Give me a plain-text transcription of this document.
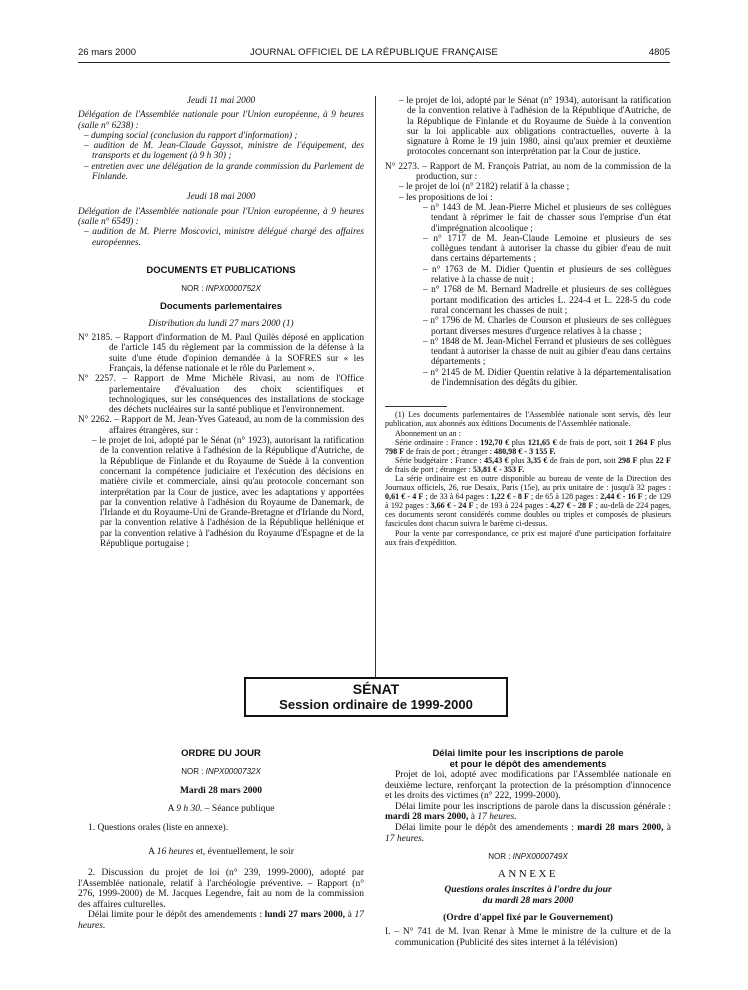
26 mars 2000	JOURNAL OFFICIEL DE LA RÉPUBLIQUE FRANÇAISE	4805
Jeudi 11 mai 2000
Délégation de l'Assemblée nationale pour l'Union européenne, à 9 heures (salle n° 6238) :
– dumping social (conclusion du rapport d'information) ;
– audition de M. Jean-Claude Gayssot, ministre de l'équipement, des transports et du logement (à 9 h 30) ;
– entretien avec une délégation de la grande commission du Parlement de Finlande.
Jeudi 18 mai 2000
Délégation de l'Assemblée nationale pour l'Union européenne, à 9 heures (salle n° 6549) :
– audition de M. Pierre Moscovici, ministre délégué chargé des affaires européennes.
DOCUMENTS ET PUBLICATIONS
NOR : INPX0000752X
Documents parlementaires
Distribution du lundi 27 mars 2000 (1)
N° 2185. – Rapport d'information de M. Paul Quilès déposé en application de l'article 145 du règlement par la commission de la défense à la suite d'une étude d'opinion demandée à la SOFRES sur « les Français, la défense nationale et le rôle du Parlement ».
N° 2257. – Rapport de Mme Michèle Rivasi, au nom de l'Office parlementaire d'évaluation des choix scientifiques et technologiques, sur les conséquences des installations de stockage des déchets nucléaires sur la santé publique et l'environnement.
N° 2262. – Rapport de M. Jean-Yves Gateaud, au nom de la commission des affaires étrangères, sur :
– le projet de loi, adopté par le Sénat (n° 1923), autorisant la ratification de la convention relative à l'adhésion de la République d'Autriche, de la République de Finlande et du Royaume de Suède à la convention concernant la compétence judiciaire et l'exécution des décisions en matière civile et commerciale, ainsi qu'au protocole concernant son interprétation par la Cour de justice, avec les adaptations y apportées par la convention relative à l'adhésion du Royaume de Danemark, de l'Irlande et du Royaume-Uni de Grande-Bretagne et d'Irlande du Nord, par la convention relative à l'adhésion de la République hellénique et par la convention relative à l'adhésion du Royaume d'Espagne et de la République portugaise ;
– le projet de loi, adopté par le Sénat (n° 1934), autorisant la ratification de la convention relative à l'adhésion de la République d'Autriche, de la République de Finlande et du Royaume de Suède à la convention sur la loi applicable aux obligations contractuelles, ouverte à la signature à Rome le 19 juin 1980, ainsi qu'aux premier et deuxième protocoles concernant son interprétation par la Cour de justice.
N° 2273. – Rapport de M. François Patriat, au nom de la commission de la production, sur :
– le projet de loi (n° 2182) relatif à la chasse ;
– les propositions de loi :
– n° 1443 de M. Jean-Pierre Michel et plusieurs de ses collègues tendant à réprimer le fait de chasser sous l'emprise d'un état d'imprégnation alcoolique ;
– n° 1717 de M. Jean-Claude Lemoine et plusieurs de ses collègues tendant à autoriser la chasse du gibier d'eau de nuit dans certains départements ;
– n° 1763 de M. Didier Quentin et plusieurs de ses collègues relative à la chasse de nuit ;
– n° 1768 de M. Bernard Madrelle et plusieurs de ses collègues portant modification des articles L. 224-4 et L. 228-5 du code rural concernant les chasses de nuit ;
– n° 1796 de M. Charles de Courson et plusieurs de ses collègues portant diverses mesures d'urgence relatives à la chasse ;
– n° 1848 de M. Jean-Michel Ferrand et plusieurs de ses collègues tendant à autoriser la chasse de nuit au gibier d'eau dans certains départements ;
– n° 2145 de M. Didier Quentin relative à la départementalisation de l'indemnisation des dégâts du gibier.
(1) Les documents parlementaires de l'Assemblée nationale sont servis, dès leur publication, aux abonnés aux éditions Documents de l'Assemblée nationale.
Abonnement un an :
Série ordinaire : France : 192,70 € plus 121,65 € de frais de port, soit 1 264 F plus 798 F de frais de port ; étranger : 480,98 € - 3 155 F.
Série budgétaire : France : 45,43 € plus 3,35 € de frais de port, soit 298 F plus 22 F de frais de port ; étranger : 53,81 € - 353 F.
La série ordinaire est en outre disponible au bureau de vente de la Direction des Journaux officiels, 26, rue Desaix, Paris (15e), au prix unitaire de : jusqu'à 32 pages : 0,61 € - 4 F ; de 33 à 64 pages : 1,22 € - 8 F ; de 65 à 128 pages : 2,44 € - 16 F ; de 129 à 192 pages : 3,66 € - 24 F ; de 193 à 224 pages : 4,27 € - 28 F ; au-delà de 224 pages, ces documents seront considérés comme doubles ou triples et composés de plusieurs fascicules dont chacun suivra le barème ci-dessus.
Pour la vente par correspondance, ce prix est majoré d'une participation forfaitaire aux frais d'expédition.
SÉNAT
Session ordinaire de 1999-2000
ORDRE DU JOUR
NOR : INPX0000732X
Mardi 28 mars 2000
A 9 h 30. – Séance publique
1. Questions orales (liste en annexe).
A 16 heures et, éventuellement, le soir
2. Discussion du projet de loi (n° 239, 1999-2000), adopté par l'Assemblée nationale, relatif à l'archéologie préventive. – Rapport (n° 276, 1999-2000) de M. Jacques Legendre, fait au nom de la commission des affaires culturelles.
Délai limite pour le dépôt des amendements : lundi 27 mars 2000, à 17 heures.
Délai limite pour les inscriptions de parole
et pour le dépôt des amendements
Projet de loi, adopté avec modifications par l'Assemblée nationale en deuxième lecture, renforçant la protection de la présomption d'innocence et les droits des victimes (n° 222, 1999-2000).
Délai limite pour les inscriptions de parole dans la discussion générale : mardi 28 mars 2000, à 17 heures.
Délai limite pour le dépôt des amendements : mardi 28 mars 2000, à 17 heures.
NOR : INPX0000749X
ANNEXE
Questions orales inscrites à l'ordre du jour
du mardi 28 mars 2000
(Ordre d'appel fixé par le Gouvernement)
I. – N° 741 de M. Ivan Renar à Mme le ministre de la culture et de la communication (Publicité des sites internet à la télévision)
